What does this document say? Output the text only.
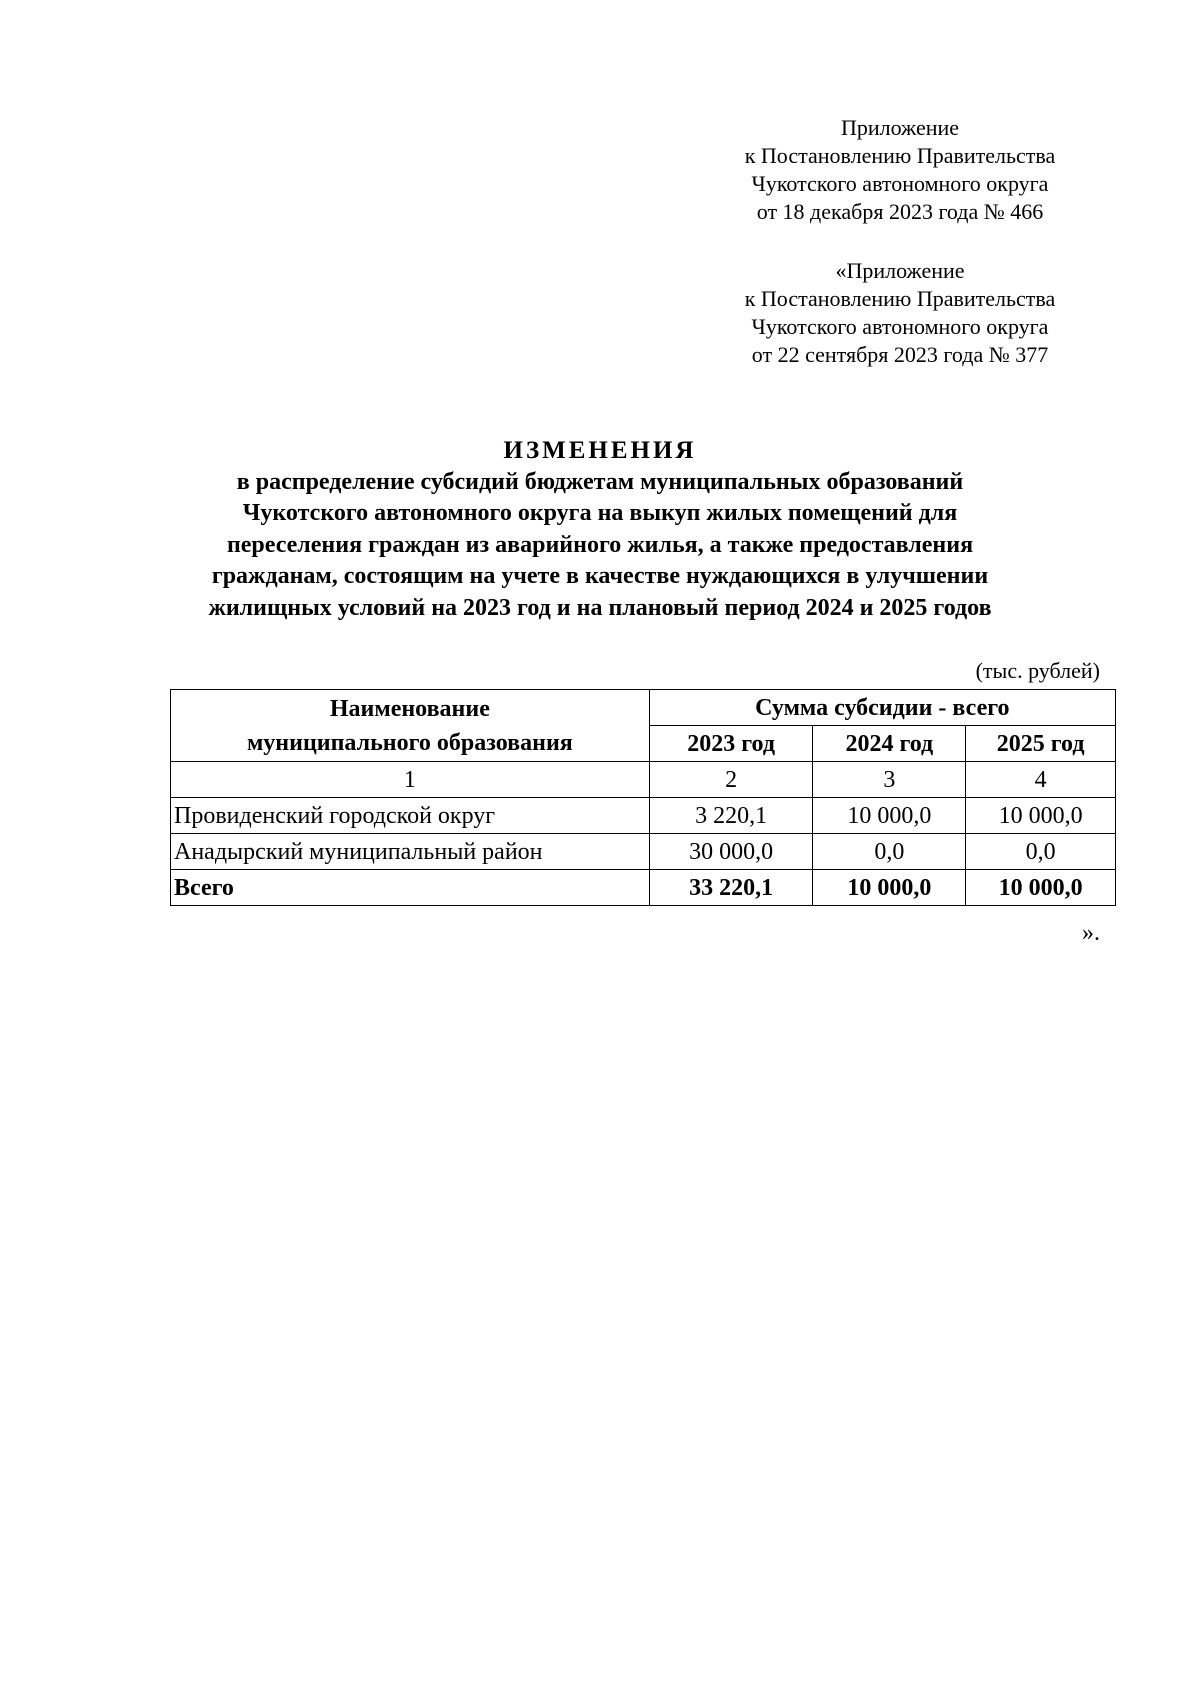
Приложение
к Постановлению Правительства
Чукотского автономного округа
от 18 декабря 2023 года № 466
«Приложение
к Постановлению Правительства
Чукотского автономного округа
от 22 сентября 2023 года № 377
ИЗМЕНЕНИЯ
в распределение субсидий бюджетам муниципальных образований
Чукотского автономного округа на выкуп жилых помещений для
переселения граждан из аварийного жилья, а также предоставления
гражданам, состоящим на учете в качестве нуждающихся в улучшении
жилищных условий на 2023 год и на плановый период 2024 и 2025 годов
(тыс. рублей)
Наименование
муниципального образования	Сумма субсидии - всего		
	2023 год	2024 год	2025 год
1	2	3	4
Провиденский городской округ	3 220,1	10 000,0	10 000,0
Анадырский муниципальный район	30 000,0	0,0	0,0
Всего	33 220,1	10 000,0	10 000,0
».
